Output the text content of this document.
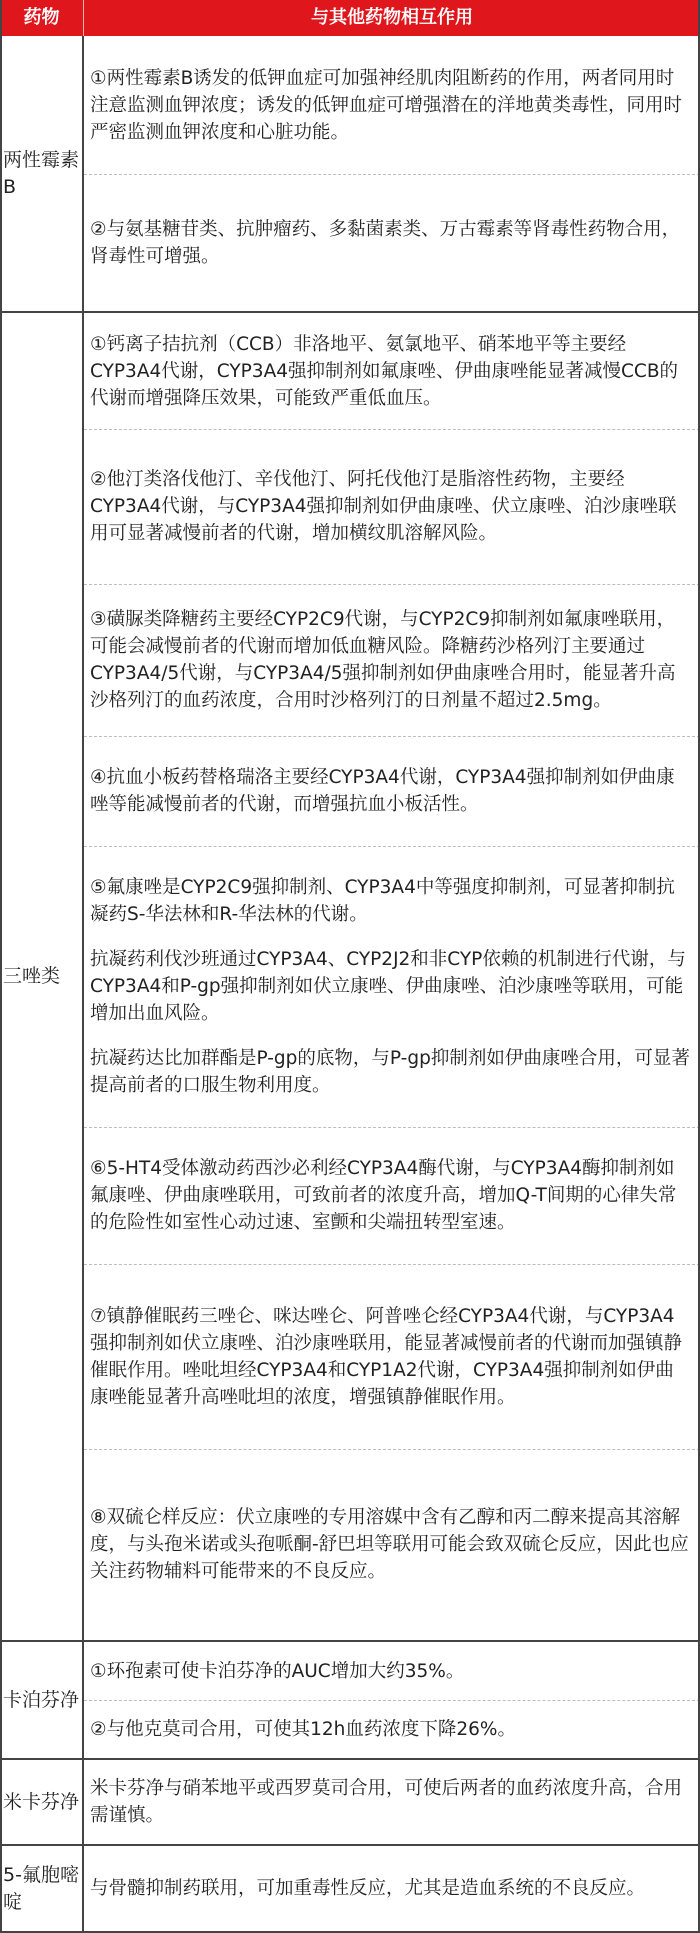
药物	与其他药物相互作用
两性霉素B
①两性霉素B诱发的低钾血症可加强神经肌肉阻断药的作用，两者同用时注意监测血钾浓度；诱发的低钾血症可增强潜在的洋地黄类毒性，同用时严密监测血钾浓度和心脏功能。
②与氨基糖苷类、抗肿瘤药、多黏菌素类、万古霉素等肾毒性药物合用，肾毒性可增强。
三唑类
①钙离子拮抗剂（CCB）非洛地平、氨氯地平、硝苯地平等主要经CYP3A4代谢，CYP3A4强抑制剂如氟康唑、伊曲康唑能显著减慢CCB的代谢而增强降压效果，可能致严重低血压。
②他汀类洛伐他汀、辛伐他汀、阿托伐他汀是脂溶性药物，主要经CYP3A4代谢，与CYP3A4强抑制剂如伊曲康唑、伏立康唑、泊沙康唑联用可显著减慢前者的代谢，增加横纹肌溶解风险。
③磺脲类降糖药主要经CYP2C9代谢，与CYP2C9抑制剂如氟康唑联用，可能会减慢前者的代谢而增加低血糖风险。降糖药沙格列汀主要通过CYP3A4/5代谢，与CYP3A4/5强抑制剂如伊曲康唑合用时，能显著升高沙格列汀的血药浓度，合用时沙格列汀的日剂量不超过2.5mg。
④抗血小板药替格瑞洛主要经CYP3A4代谢，CYP3A4强抑制剂如伊曲康唑等能减慢前者的代谢，而增强抗血小板活性。
⑤氟康唑是CYP2C9强抑制剂、CYP3A4中等强度抑制剂，可显著抑制抗凝药S-华法林和R-华法林的代谢。
抗凝药利伐沙班通过CYP3A4、CYP2J2和非CYP依赖的机制进行代谢，与CYP3A4和P-gp强抑制剂如伏立康唑、伊曲康唑、泊沙康唑等联用，可能增加出血风险。
抗凝药达比加群酯是P-gp的底物，与P-gp抑制剂如伊曲康唑合用，可显著提高前者的口服生物利用度。
⑥5-HT4受体激动药西沙必利经CYP3A4酶代谢，与CYP3A4酶抑制剂如氟康唑、伊曲康唑联用，可致前者的浓度升高，增加Q-T间期的心律失常的危险性如室性心动过速、室颤和尖端扭转型室速。
⑦镇静催眠药三唑仑、咪达唑仑、阿普唑仑经CYP3A4代谢，与CYP3A4强抑制剂如伏立康唑、泊沙康唑联用，能显著减慢前者的代谢而加强镇静催眠作用。唑吡坦经CYP3A4和CYP1A2代谢，CYP3A4强抑制剂如伊曲康唑能显著升高唑吡坦的浓度，增强镇静催眠作用。
⑧双硫仑样反应：伏立康唑的专用溶媒中含有乙醇和丙二醇来提高其溶解度，与头孢米诺或头孢哌酮-舒巴坦等联用可能会致双硫仑反应，因此也应关注药物辅料可能带来的不良反应。
卡泊芬净
①环孢素可使卡泊芬净的AUC增加大约35%。
②与他克莫司合用，可使其12h血药浓度下降26%。
米卡芬净
米卡芬净与硝苯地平或西罗莫司合用，可使后两者的血药浓度升高，合用需谨慎。
5-氟胞嘧啶
与骨髓抑制药联用，可加重毒性反应，尤其是造血系统的不良反应。
